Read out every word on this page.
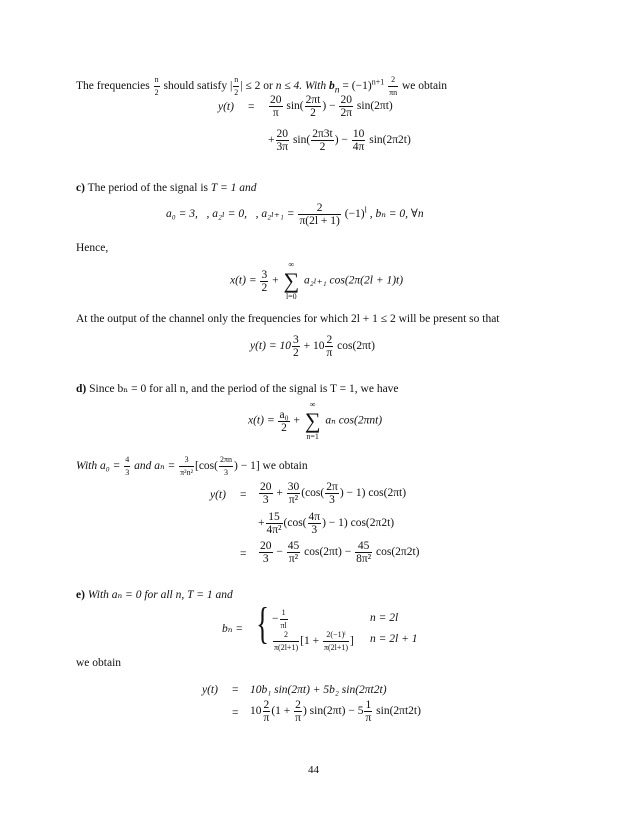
The frequencies $\frac{n}{2}$ should satisfy | $\frac{n}{2}$ | ≤ 2 or n ≤ 4. With $b_n = (-1)^{n+1} \frac{2}{\pi n}$ we obtain
$y(t) = \frac{20}{\pi} \sin( \frac{2\pi t}{2}$ ) − $\frac{20}{2\pi} \sin(2\pi t)$
+ $\frac{20}{3\pi} \sin( \frac{2\pi 3t}{2}$ ) − $\frac{10}{4\pi} \sin(2\pi 2t)$
c) The period of the signal is T = 1 and
a₀ = 3, , a₂ₗ = 0, , $a_{2l+1} = \frac{2}{\pi(2l + 1)} (-1)^l$ , bₙ = 0, ∀n
Hence,
$x(t) = \frac{3}{2}$ +
∞
∑
l=0
a₂ₗ₊₁ cos(2π(2l + 1)t)
At the output of the channel only the frequencies for which 2l + 1 ≤ 2 will be present so that
$y(t) = 10 \frac{3}{2} + 10 \frac{2}{\pi} \cos(2\pi t)$
d) Since bₙ = 0 for all n, and the period of the signal is T = 1, we have
$x(t) = \frac{\text{a₀}}{2}$ +
∞
∑
n=1
aₙ cos(2πnt)
With $a_0 = \frac{4}{3}$ and $a_n = \frac{3}{\text{π²n²}} [\cos( \frac{2\pi n}{3}$ ) − 1] we obtain
$y(t) = \frac{20}{3} + \frac{30}{\text{π²}} (\cos( \frac{2\pi}{3}$ ) − 1) cos(2πt)
+ $\frac{15}{\text{4π²}} (\cos( \frac{4\pi}{3}$ ) − 1) cos(2π2t)
= $\frac{20}{3} - \frac{45}{\text{π²}} \cos(2\pi t) - \frac{45}{\text{8π²}} \cos(2\pi 2t)$
e) With aₙ = 0 for all n, T = 1 and
bₙ = { − $\frac{1}{\pi l}$	n = 2l
$\frac{2}{\pi(2l+1)} [1 + \frac{\text{2(−1)ˡ}}{\pi(2l+1)}$ ] n = 2l + 1
we obtain
y(t) = 10b₁ sin(2πt) + 5b₂ sin(2πt2t)
= $10 \frac{2}{\pi} (1 + \frac{2}{\pi}$ ) $\sin(2\pi t) - 5 \frac{1}{\pi} \sin(2\pi t2t)$
44
